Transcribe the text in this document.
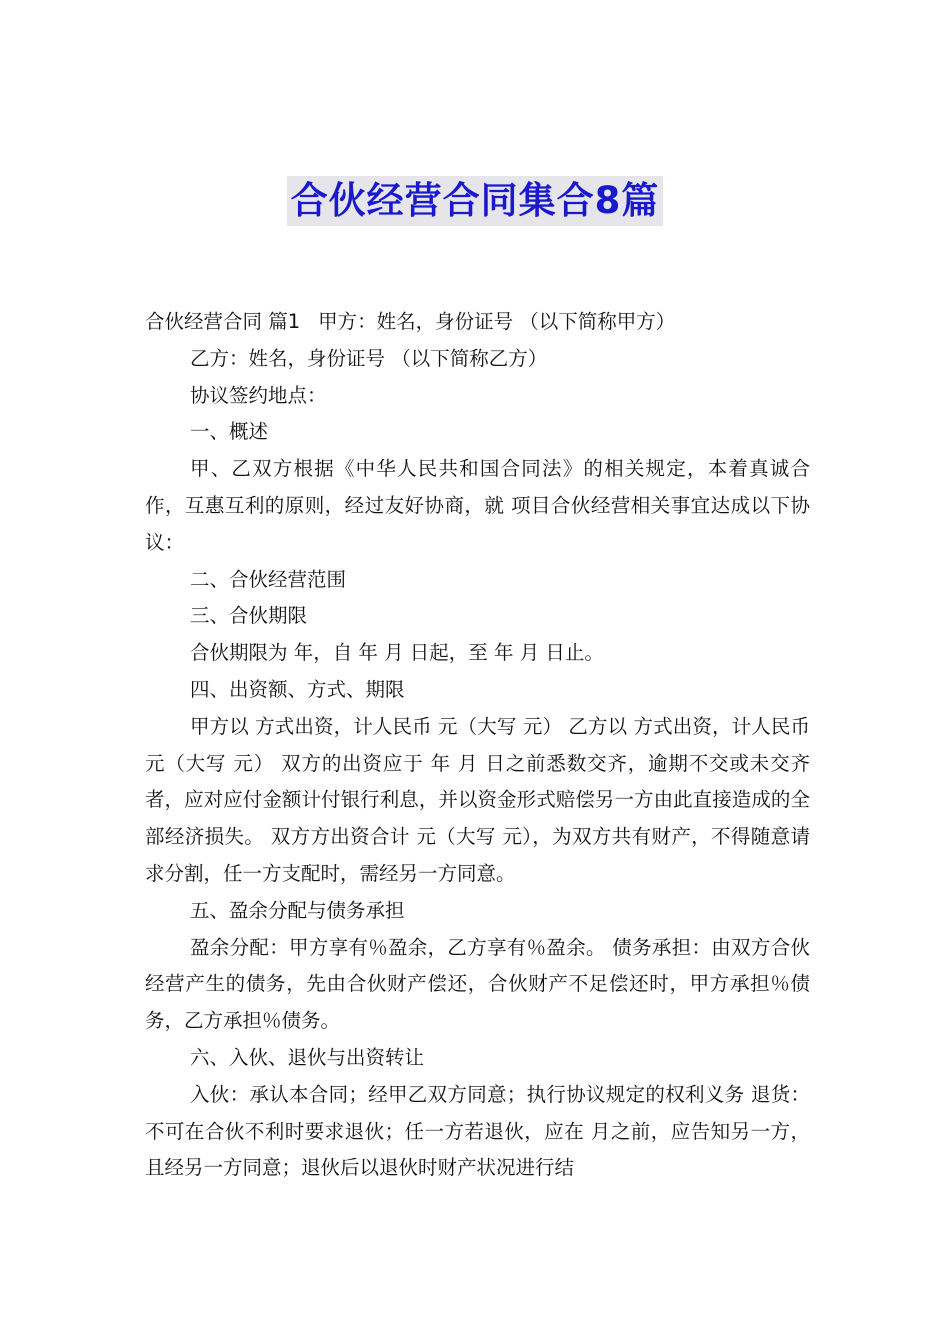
合伙经营合同集合8篇

合伙经营合同 篇1 甲方：姓名，身份证号 （以下简称甲方）

乙方：姓名，身份证号 （以下简称乙方）

协议签约地点：

一、概述

甲、乙双方根据《中华人民共和国合同法》的相关规定，本着真诚合作，互惠互利的原则，经过友好协商，就 项目合伙经营相关事宜达成以下协议：

二、合伙经营范围

三、合伙期限

合伙期限为 年，自 年 月 日起，至 年 月 日止。

四、出资额、方式、期限

甲方以 方式出资，计人民币 元（大写 元） 乙方以 方式出资，计人民币 元（大写 元） 双方的出资应于 年 月 日之前悉数交齐，逾期不交或未交齐者，应对应付金额计付银行利息，并以资金形式赔偿另一方由此直接造成的全部经济损失。 双方方出资合计 元（大写 元），为双方共有财产，不得随意请求分割，任一方支配时，需经另一方同意。

五、盈余分配与债务承担

盈余分配：甲方享有％盈余，乙方享有％盈余。 债务承担：由双方合伙经营产生的债务，先由合伙财产偿还，合伙财产不足偿还时，甲方承担％债务，乙方承担％债务。

六、入伙、退伙与出资转让

入伙：承认本合同；经甲乙双方同意；执行协议规定的权利义务 退货：不可在合伙不利时要求退伙；任一方若退伙，应在 月之前，应告知另一方，且经另一方同意；退伙后以退伙时财产状况进行结
